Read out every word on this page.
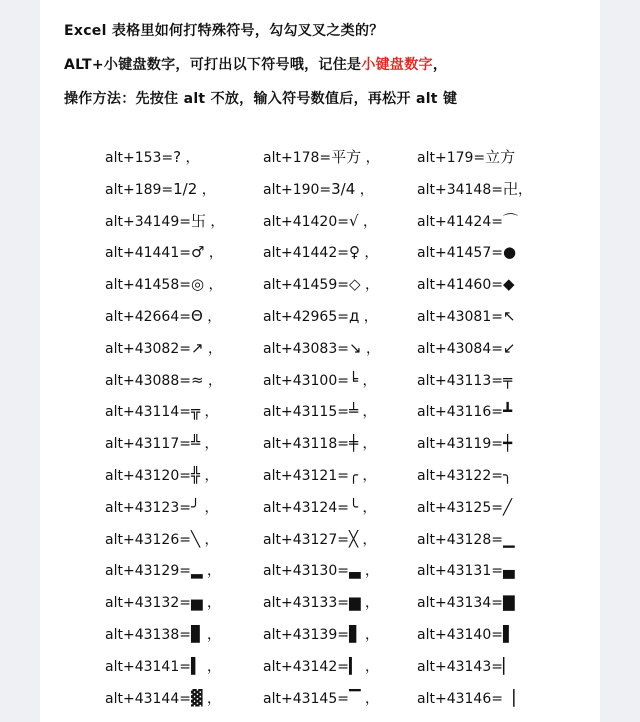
Excel 表格里如何打特殊符号，勾勾叉叉之类的？
ALT+小键盘数字，可打出以下符号哦，记住是小键盘数字，
操作方法：先按住 alt 不放，输入符号数值后，再松开 alt 键
alt+153=? ，	alt+178=平方 ，	alt+179=立方
alt+189=1/2 ，	alt+190=3/4 ，	alt+34148=卍，
alt+34149=卐 ，	alt+41420=√ ，	alt+41424=⌒
alt+41441=♂ ，	alt+41442=♀ ，	alt+41457=●
alt+41458=◎ ，	alt+41459=◇ ，	alt+41460=◆
alt+42664=Θ ，	alt+42965=д ，	alt+43081=↖
alt+43082=↗ ，	alt+43083=↘ ，	alt+43084=↙
alt+43088=≈ ，	alt+43100=╘ ，	alt+43113=╤
alt+43114=╦ ，	alt+43115=╧ ，	alt+43116=┻
alt+43117=╩ ，	alt+43118=╪ ，	alt+43119=┿
alt+43120=╬ ，	alt+43121=╭ ，	alt+43122=╮
alt+43123=╯ ，	alt+43124=╰ ，	alt+43125=╱
alt+43126=╲ ，	alt+43127=╳ ，	alt+43128=▁
alt+43129=▂ ，	alt+43130=▃ ，	alt+43131=▄
alt+43132=▅ ，	alt+43133=▆ ，	alt+43134=▇
alt+43138=▊ ，	alt+43139=▋ ，	alt+43140=▌
alt+43141=▍ ，	alt+43142=▎ ，	alt+43143=▏
alt+43144=▓ ，	alt+43145=▔ ，	alt+43146=▕
